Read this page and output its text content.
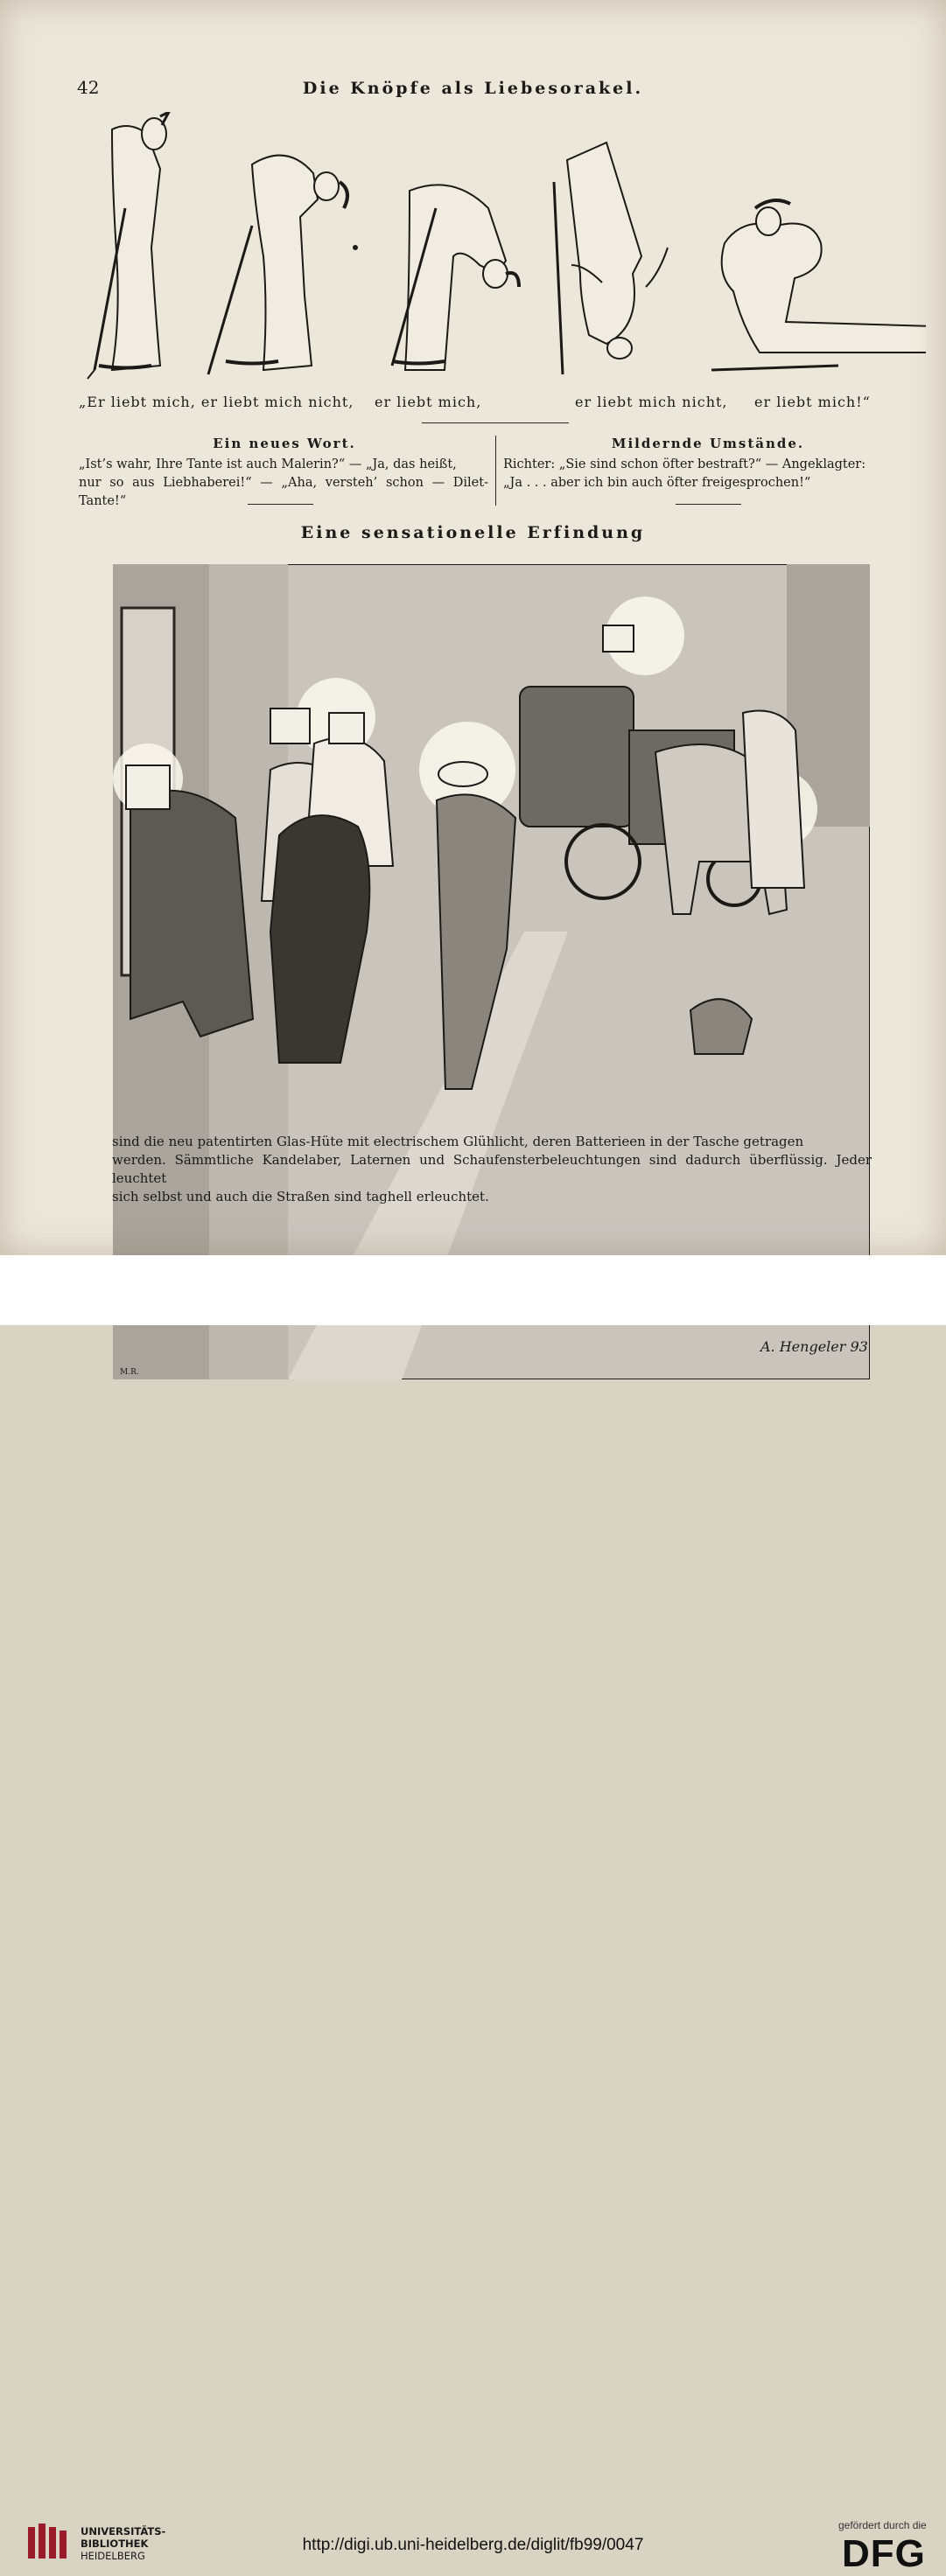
42	Die Knöpfe als Liebesorakel.
„Er liebt mich, er liebt mich nicht, er liebt mich,	er liebt mich nicht, er liebt mich!“
Ein neues Wort.
„Ist’s wahr, Ihre Tante ist auch Malerin?“ — „Ja, das heißt,
nur so aus Liebhaberei!“ — „Aha, versteh’ schon — Dilet-Tante!“
Mildernde Umstände.
Richter: „Sie sind schon öfter bestraft?“ — Angeklagter:
„Ja . . . aber ich bin auch öfter freigesprochen!“
Eine sensationelle Erfindung
A. Hengeler 93
M.R.
sind die neu patentirten Glas-Hüte mit electrischem Glühlicht, deren Batterieen in der Tasche getragen
werden. Sämmtliche Kandelaber, Laternen und Schaufensterbeleuchtungen sind dadurch überflüssig. Jeder leuchtet
sich selbst und auch die Straßen sind taghell erleuchtet.
UNIVERSITÄTS-
BIBLIOTHEK
HEIDELBERG
http://digi.ub.uni-heidelberg.de/diglit/fb99/0047
gefördert durch die
DFG
